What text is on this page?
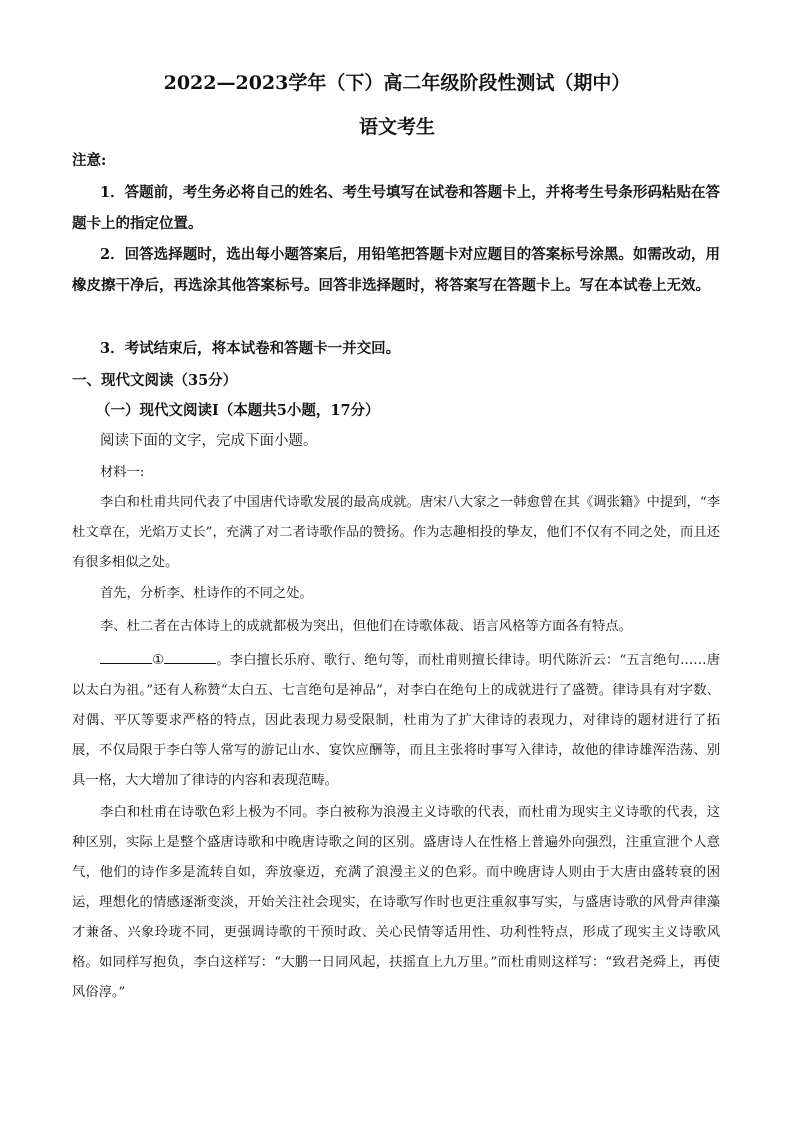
2022—2023学年（下）高二年级阶段性测试（期中）
语文考生
注意:
1．答题前，考生务必将自己的姓名、考生号填写在试卷和答题卡上，并将考生号条形码粘贴在答题卡上的指定位置。
2．回答选择题时，选出每小题答案后，用铅笔把答题卡对应题目的答案标号涂黑。如需改动，用橡皮擦干净后，再选涂其他答案标号。回答非选择题时，将答案写在答题卡上。写在本试卷上无效。
3．考试结束后，将本试卷和答题卡一并交回。
一、现代文阅读（35分）
（一）现代文阅读Ⅰ（本题共5小题，17分）
阅读下面的文字，完成下面小题。
材料一:
李白和杜甫共同代表了中国唐代诗歌发展的最高成就。唐宋八大家之一韩愈曾在其《调张籍》中提到，“李杜文章在，光焰万丈长”，充满了对二者诗歌作品的赞扬。作为志趣相投的挚友，他们不仅有不同之处，而且还有很多相似之处。
首先，分析李、杜诗作的不同之处。
李、杜二者在古体诗上的成就都极为突出，但他们在诗歌体裁、语言风格等方面各有特点。
①	。李白擅长乐府、歌行、绝句等，而杜甫则擅长律诗。明代陈沂云：“五言绝句……唐以太白为祖。”还有人称赞“太白五、七言绝句是神品”，对李白在绝句上的成就进行了盛赞。律诗具有对字数、对偶、平仄等要求严格的特点，因此表现力易受限制，杜甫为了扩大律诗的表现力，对律诗的题材进行了拓展，不仅局限于李白等人常写的游记山水、宴饮应酬等，而且主张将时事写入律诗，故他的律诗雄浑浩荡、别具一格，大大增加了律诗的内容和表现范畴。
李白和杜甫在诗歌色彩上极为不同。李白被称为浪漫主义诗歌的代表，而杜甫为现实主义诗歌的代表，这种区别，实际上是整个盛唐诗歌和中晚唐诗歌之间的区别。盛唐诗人在性格上普遍外向强烈，注重宣泄个人意气，他们的诗作多是流转自如，奔放豪迈，充满了浪漫主义的色彩。而中晚唐诗人则由于大唐由盛转衰的困运，理想化的情感逐渐变淡，开始关注社会现实，在诗歌写作时也更注重叙事写实，与盛唐诗歌的风骨声律藻才兼备、兴象玲珑不同，更强调诗歌的干预时政、关心民情等适用性、功利性特点，形成了现实主义诗歌风格。如同样写抱负，李白这样写：“大鹏一日同风起，扶摇直上九万里。”而杜甫则这样写：“致君尧舜上，再使风俗淳。”
